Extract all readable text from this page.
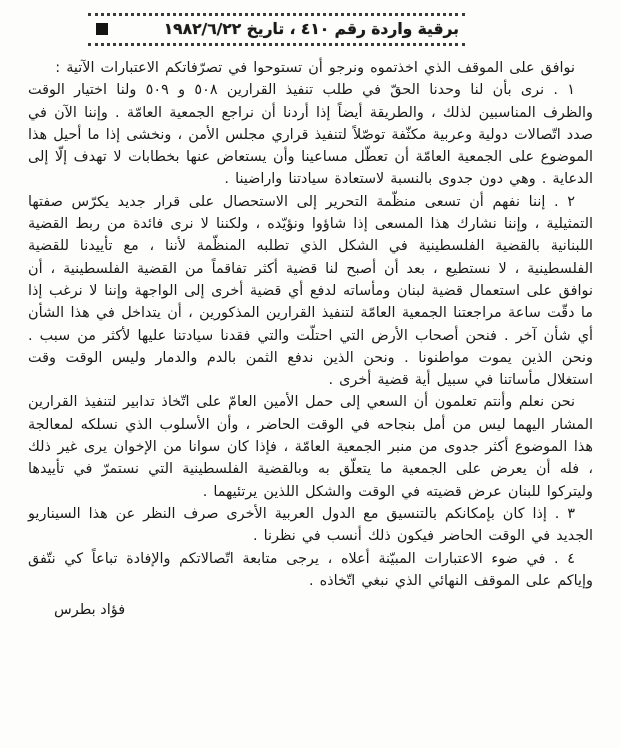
برقية واردة رقم ٤١٠ ، تاريخ ١٩٨٢/٦/٢٢

نوافق على الموقف الذي اخذتموه ونرجو أن تستوحوا في تصرّفاتكم الاعتبارات الآتية :

١ . نرى بأن لنا وحدنا الحقّ في طلب تنفيذ القرارين ٥٠٨ و ٥٠٩ ولنا اختيار الوقت والظرف المناسبين لذلك ، والطريقة أيضاً إذا أردنا أن نراجع الجمعية العامّة . وإننا الآن في صدد اتّصالات دولية وعربية مكثّفة توصّلاً لتنفيذ قراري مجلس الأمن ، ونخشى إذا ما أحيل هذا الموضوع على الجمعية العامّة أن تعطّل مساعينا وأن يستعاض عنها بخطابات لا تهدف إلّا إلى الدعاية . وهي دون جدوى بالنسبة لاستعادة سيادتنا واراضينا .

٢ . إننا نفهم أن تسعى منظّمة التحرير إلى الاستحصال على قرار جديد يكرّس صفتها التمثيلية ، وإننا نشارك هذا المسعى إذا شاؤوا ونؤيّده ، ولكننا لا نرى فائدة من ربط القضية اللبنانية بالقضية الفلسطينية في الشكل الذي تطلبه المنظّمة لأننا ، مع تأييدنا للقضية الفلسطينية ، لا نستطيع ، بعد أن أصبح لنا قضية أكثر تفاقماً من القضية الفلسطينية ، أن نوافق على استعمال قضية لبنان ومأساته لدفع أي قضية أخرى إلى الواجهة وإننا لا نرغب إذا ما دقّت ساعة مراجعتنا الجمعية العامّة لتنفيذ القرارين المذكورين ، أن يتداخل في هذا الشأن أي شأن آخر . فنحن أصحاب الأرض التي احتلّت والتي فقدنا سيادتنا عليها لأكثر من سبب . ونحن الذين يموت مواطنونا . ونحن الذين ندفع الثمن بالدم والدمار وليس الوقت وقت استغلال مأساتنا في سبيل أية قضية أخرى .

نحن نعلم وأنتم تعلمون أن السعي إلى حمل الأمين العامّ على اتّخاذ تدابير لتنفيذ القرارين المشار اليهما ليس من أمل بنجاحه في الوقت الحاضر ، وأن الأسلوب الذي نسلكه لمعالجة هذا الموضوع أكثر جدوى من منبر الجمعية العامّة ، فإذا كان سوانا من الإخوان يرى غير ذلك ، فله أن يعرض على الجمعية ما يتعلّق به وبالقضية الفلسطينية التي نستمرّ في تأييدها وليتركوا للبنان عرض قضيته في الوقت والشكل اللذين يرتئيهما .

٣ . إذا كان بإمكانكم بالتنسيق مع الدول العربية الأخرى صرف النظر عن هذا السيناريو الجديد في الوقت الحاضر فيكون ذلك أنسب في نظرنا .

٤ . في ضوء الاعتبارات المبيّنة أعلاه ، يرجى متابعة اتّصالاتكم والإفادة تباعاً كي نتّفق وإياكم على الموقف النهائي الذي نبغي اتّخاذه .

فؤاد بطرس
